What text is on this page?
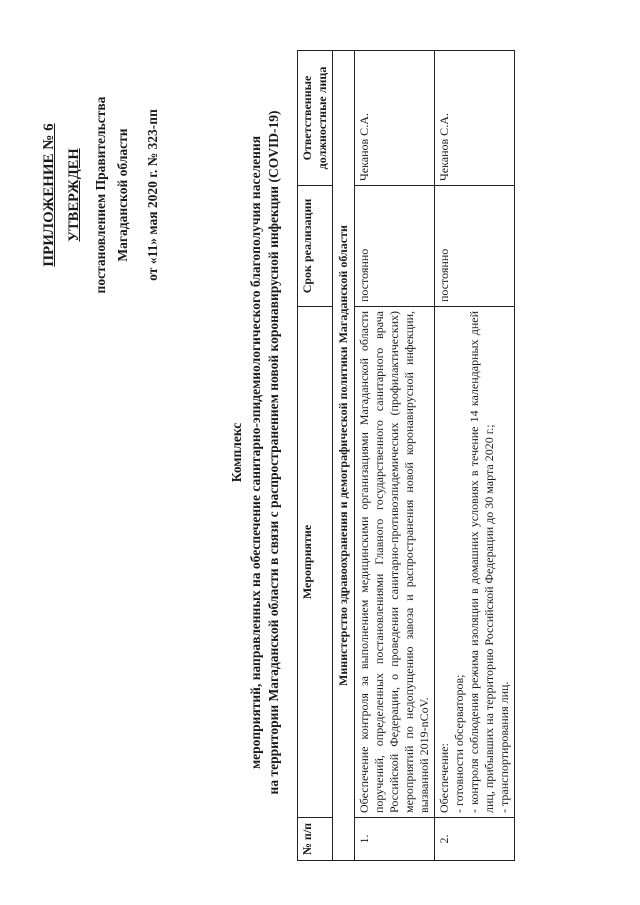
ПРИЛОЖЕНИЕ № 6 УТВЕРЖДЕН постановлением Правительства Магаданской области от «11» мая 2020 г. № 323-пп
Комплекс мероприятий, направленных на обеспечение санитарно-эпидемиологического благополучия населения на территории Магаданской области в связи с распространением новой коронавирусной инфекции (COVID-19)
№ п/п	Мероприятие	Срок реализации	Ответственные должностные лица
Министерство здравоохранения и демографической политики Магаданской области			
1.	Обеспечение контроля за выполнением медицинскими организациями Магаданской области поручений, определенных постановлениями Главного государственного санитарного врача Российской Федерации, о проведении санитарно-противоэпидемических (профилактических) мероприятий по недопущению завоза и распространения новой коронавирусной инфекции, вызванной 2019-nCoV.	постоянно	Чеканов С.А.
2.	Обеспечение: - готовности обсерваторов; - контроля соблюдения режима изоляции в домашних условиях в течение 14 календарных дней лиц, прибывших на территорию Российской Федерации до 30 марта 2020 г.; - транспортирования лиц.	постоянно	Чеканов С.А.
